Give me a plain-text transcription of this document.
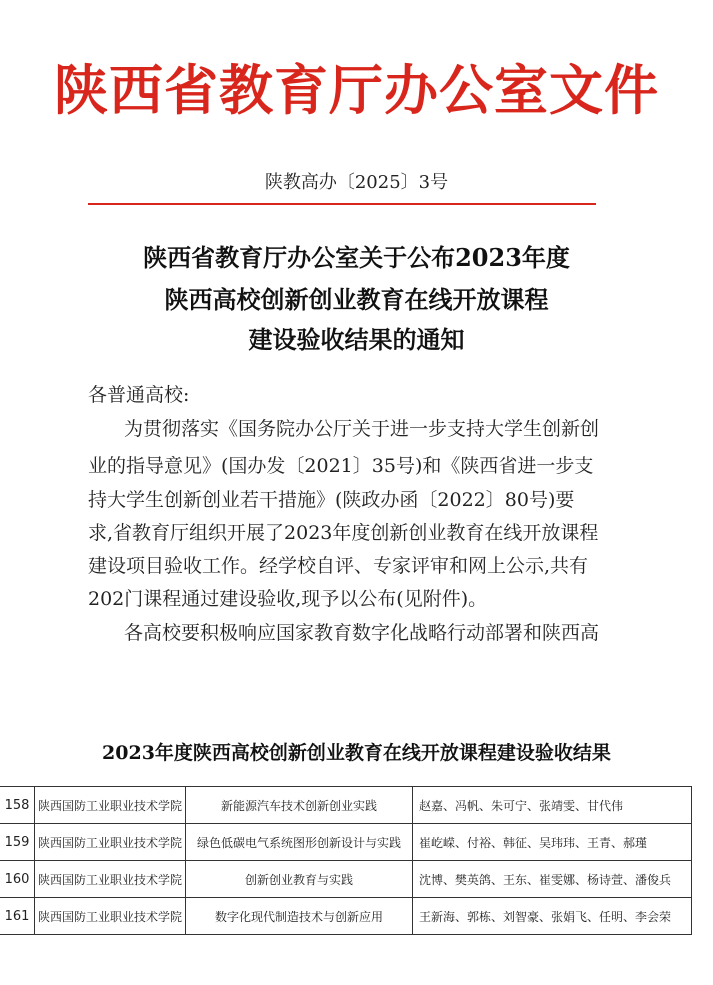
陕西省教育厅办公室文件
陕教高办〔2025〕3号
陕西省教育厅办公室关于公布2023年度
陕西高校创新创业教育在线开放课程
建设验收结果的通知
各普通高校:
为贯彻落实《国务院办公厅关于进一步支持大学生创新创
业的指导意见》(国办发〔2021〕35号)和《陕西省进一步支
持大学生创新创业若干措施》(陕政办函〔2022〕80号)要
求,省教育厅组织开展了2023年度创新创业教育在线开放课程
建设项目验收工作。经学校自评、专家评审和网上公示,共有
202门课程通过建设验收,现予以公布(见附件)。
各高校要积极响应国家教育数字化战略行动部署和陕西高
2023年度陕西高校创新创业教育在线开放课程建设验收结果
158	陕西国防工业职业技术学院	新能源汽车技术创新创业实践	赵嘉、冯帆、朱可宁、张靖雯、甘代伟
159	陕西国防工业职业技术学院	绿色低碳电气系统图形创新设计与实践	崔屹嵘、付裕、韩征、吴玮玮、王青、郝瑾
160	陕西国防工业职业技术学院	创新创业教育与实践	沈博、樊英鸽、王东、崔雯娜、杨诗萱、潘俊兵
161	陕西国防工业职业技术学院	数字化现代制造技术与创新应用	王新海、郭栋、刘智豪、张娟飞、任明、李会荣
